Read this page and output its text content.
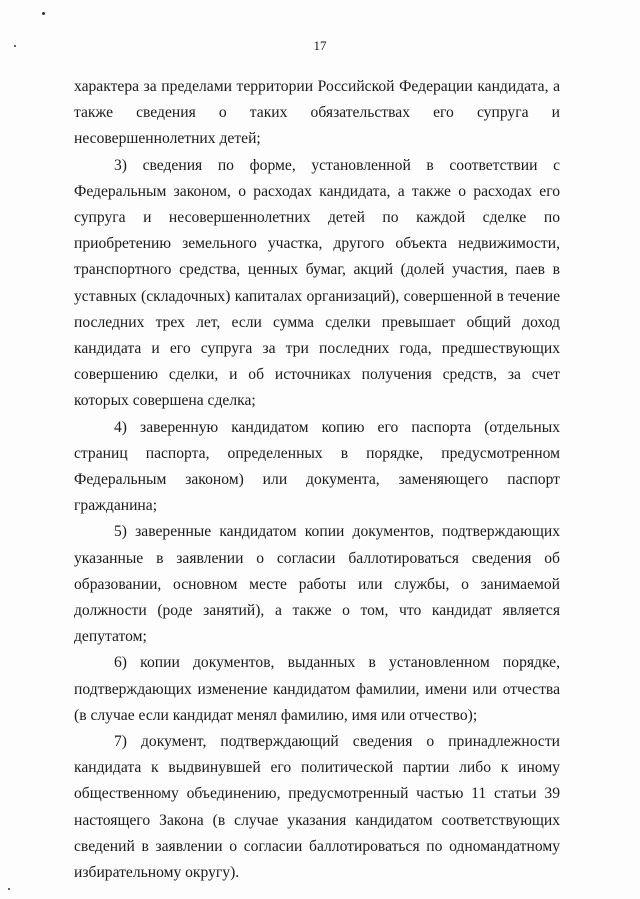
17

характера за пределами территории Российской Федерации кандидата, а также сведения о таких обязательствах его супруга и несовершеннолетних детей;

3) сведения по форме, установленной в соответствии с Федеральным законом, о расходах кандидата, а также о расходах его супруга и несовершеннолетних детей по каждой сделке по приобретению земельного участка, другого объекта недвижимости, транспортного средства, ценных бумаг, акций (долей участия, паев в уставных (складочных) капиталах организаций), совершенной в течение последних трех лет, если сумма сделки превышает общий доход кандидата и его супруга за три последних года, предшествующих совершению сделки, и об источниках получения средств, за счет которых совершена сделка;

4) заверенную кандидатом копию его паспорта (отдельных страниц паспорта, определенных в порядке, предусмотренном Федеральным законом) или документа, заменяющего паспорт гражданина;

5) заверенные кандидатом копии документов, подтверждающих указанные в заявлении о согласии баллотироваться сведения об образовании, основном месте работы или службы, о занимаемой должности (роде занятий), а также о том, что кандидат является депутатом;

6) копии документов, выданных в установленном порядке, подтверждающих изменение кандидатом фамилии, имени или отчества (в случае если кандидат менял фамилию, имя или отчество);

7) документ, подтверждающий сведения о принадлежности кандидата к выдвинувшей его политической партии либо к иному общественному объединению, предусмотренный частью 11 статьи 39 настоящего Закона (в случае указания кандидатом соответствующих сведений в заявлении о согласии баллотироваться по одномандатному избирательному округу).
